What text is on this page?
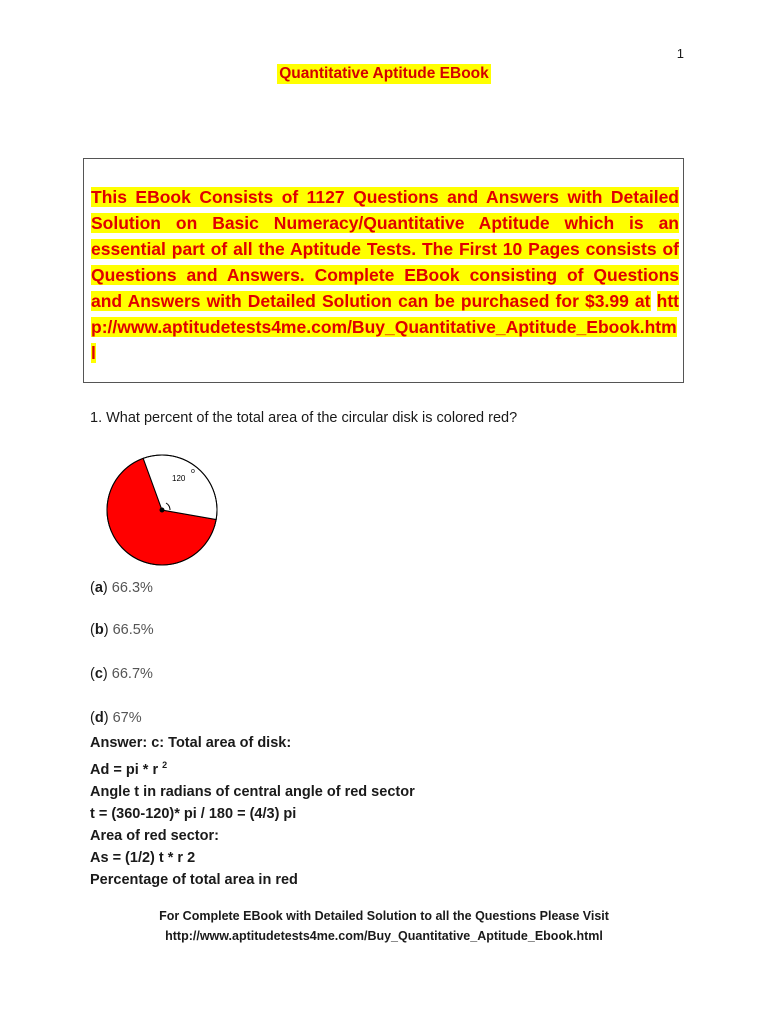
1
Quantitative Aptitude EBook

This EBook Consists of 1127 Questions and Answers with Detailed Solution on Basic Numeracy/Quantitative Aptitude which is an essential part of all the Aptitude Tests. The First 10 Pages consists of Questions and Answers. Complete EBook consisting of Questions and Answers with Detailed Solution can be purchased for $3.99 at http://www.aptitudetests4me.com/Buy_Quantitative_Aptitude_Ebook.html

1. What percent of the total area of the circular disk is colored red?
120
o
(a) 66.3%
(b) 66.5%
(c) 66.7%
(d) 67%
Answer: c: Total area of disk:
Ad = pi * r $^2$
Angle t in radians of central angle of red sector
t = (360-120)* pi / 180 = (4/3) pi
Area of red sector:
As = (1/2) t * r 2
Percentage of total area in red
For Complete EBook with Detailed Solution to all the Questions Please Visit
http://www.aptitudetests4me.com/Buy_Quantitative_Aptitude_Ebook.html
